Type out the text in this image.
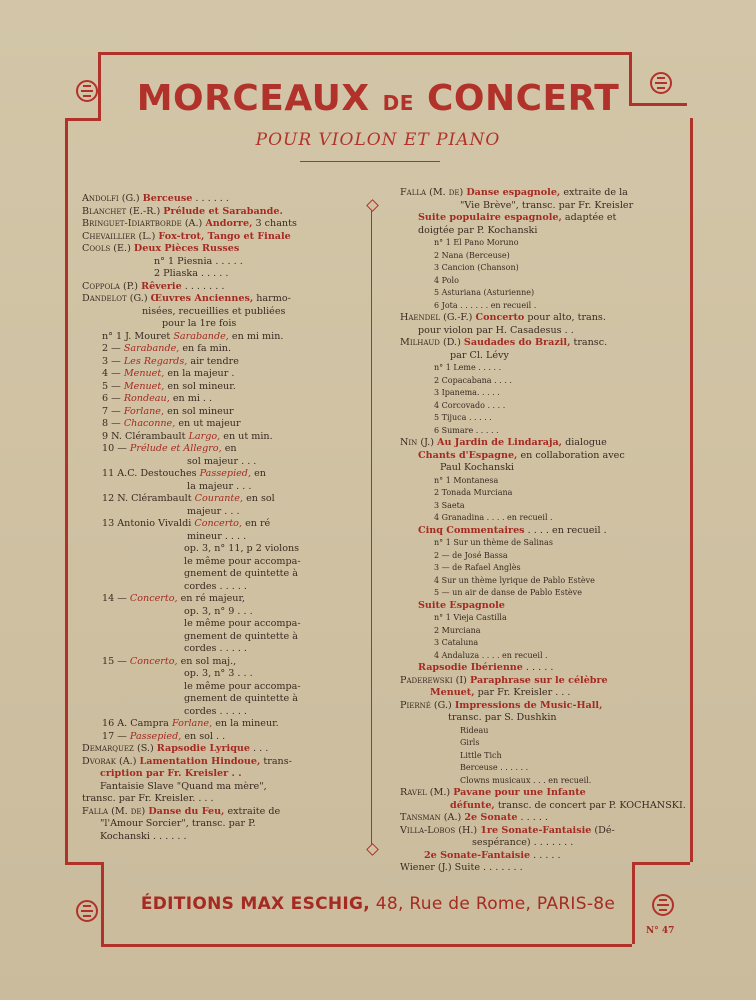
MORCEAUX DE CONCERT
POUR VIOLON ET PIANO
Andolfi (G.) Berceuse . . . . . .
Blanchet (E.-R.) Prélude et Sarabande.
Bringuet-Idiartborde (A.) Andorre, 3 chants
Chevaillier (L.) Fox-trot, Tango et Finale
Cools (E.) Deux Pièces Russes
n° 1 Piesnia . . . . .
2 Pliaska . . . . .
Coppola (P.) Rêverie . . . . . . .
Dandelot (G.) Œuvres Anciennes, harmo-
nisées, recueillies et publiées
pour la 1re fois
n° 1 J. Mouret Sarabande, en mi min.
2 — Sarabande, en fa min.
3 — Les Regards, air tendre
4 — Menuet, en la majeur .
5 — Menuet, en sol mineur.
6 — Rondeau, en mi . .
7 — Forlane, en sol mineur
8 — Chaconne, en ut majeur
9 N. Clérambault Largo, en ut min.
10 — Prélude et Allegro, en
sol majeur . . .
11 A.C. Destouches Passepied, en
la majeur . . .
12 N. Clérambault Courante, en sol
majeur . . .
13 Antonio Vivaldi Concerto, en ré
mineur . . . .
op. 3, n° 11, p 2 violons
le même pour accompa-
gnement de quintette à
cordes . . . . .
14 — Concerto, en ré majeur,
op. 3, n° 9 . . .
le même pour accompa-
gnement de quintette à
cordes . . . . .
15 — Concerto, en sol maj.,
op. 3, n° 3 . . .
le même pour accompa-
gnement de quintette à
cordes . . . . .
16 A. Campra Forlane, en la mineur.
17 — Passepied, en sol . .
Demarquez (S.) Rapsodie Lyrique . . .
Dvorak (A.) Lamentation Hindoue, trans-
cription par Fr. Kreisler . .
Fantaisie Slave "Quand ma mère",
transc. par Fr. Kreisler. . . .
Falla (M. de) Danse du Feu, extraite de
"l'Amour Sorcier", transc. par P.
Kochanski . . . . . .
Falla (M. de) Danse espagnole, extraite de la
"Vie Brève", transc. par Fr. Kreisler
Suite populaire espagnole, adaptée et
doigtée par P. Kochanski
n° 1 El Pano Moruno
2 Nana (Berceuse)
3 Cancion (Chanson)
4 Polo
5 Asturiana (Asturienne)
6 Jota . . . . . . en recueil .
Haendel (G.-F.) Concerto pour alto, trans.
pour violon par H. Casadesus . .
Milhaud (D.) Saudades do Brazil, transc.
par Cl. Lévy
n° 1 Leme . . . . .
2 Copacabana . . . .
3 Ipanema. . . . .
4 Corcovado . . . .
5 Tijuca . . . . .
6 Sumare . . . . .
Nin (J.) Au Jardin de Lindaraja, dialogue
Chants d'Espagne, en collaboration avec
Paul Kochanski
n° 1 Montanesa
2 Tonada Murciana
3 Saeta
4 Granadina . . . . en recueil .
Cinq Commentaires . . . . en recueil .
n° 1 Sur un thème de Salinas
2 — de José Bassa
3 — de Rafael Anglès
4 Sur un thème lyrique de Pablo Estève
5 — un air de danse de Pablo Estève
Suite Espagnole
n° 1 Vieja Castilla
2 Murciana
3 Cataluna
4 Andaluza . . . . en recueil .
Rapsodie Ibérienne . . . . .
Paderewski (I) Paraphrase sur le célèbre
Menuet, par Fr. Kreisler . . .
Pierné (G.) Impressions de Music-Hall,
transc. par S. Dushkin
Rideau
Girls
Little Tich
Berceuse . . . . . .
Clowns musicaux . . . en recueil.
Ravel (M.) Pavane pour une Infante
défunte, transc. de concert par P. KOCHANSKI.
Tansman (A.) 2e Sonate . . . . .
Villa-Lobos (H.) 1re Sonate-Fantaisie (Dé-
sespérance) . . . . . . .
2e Sonate-Fantaisie . . . . .
Wiener (J.) Suite . . . . . . .
ÉDITIONS MAX ESCHIG, 48, Rue de Rome, PARIS-8e
N° 47
